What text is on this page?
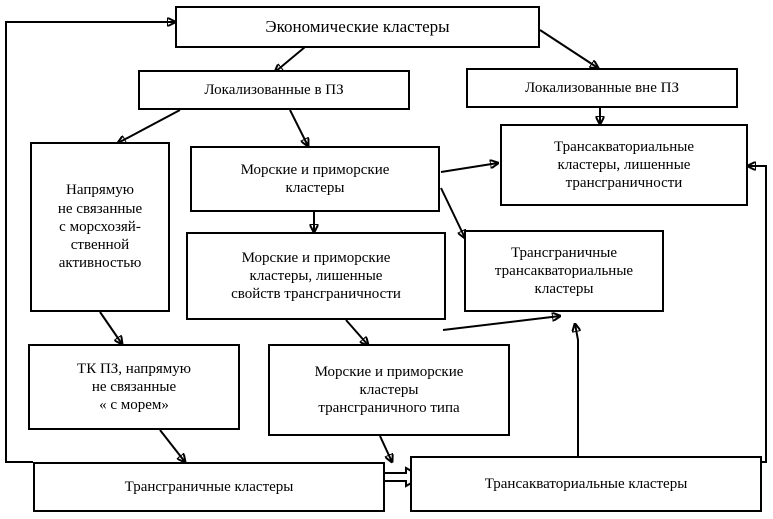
Экономические кластеры
Локализованные в ПЗ	Локализованные вне ПЗ
Напрямую
не связанные
с морсхозяй-
ственной
активностью
Морские и приморские
кластеры
Трансакваториальные
кластеры, лишенные
трансграничности
Морские и приморские
кластеры, лишенные
свойств трансграничности
Трансграничные
трансакваториальные
кластеры
ТК ПЗ, напрямую
не связанные
« с морем»
Морские и приморские
кластеры
трансграничного типа
Трансграничные кластеры	Трансакваториальные кластеры
